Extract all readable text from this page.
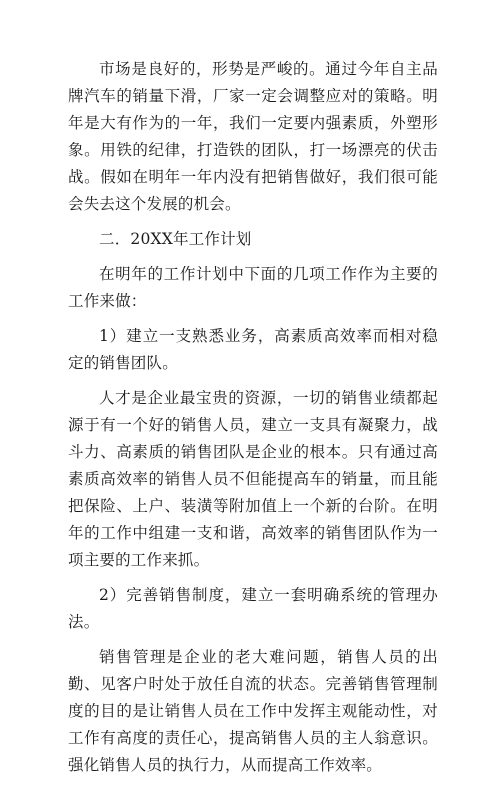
市场是良好的，形势是严峻的。通过今年自主品牌汽车的销量下滑，厂家一定会调整应对的策略。明年是大有作为的一年，我们一定要内强素质，外塑形象。用铁的纪律，打造铁的团队，打一场漂亮的伏击战。假如在明年一年内没有把销售做好，我们很可能会失去这个发展的机会。

二．20XX年工作计划

在明年的工作计划中下面的几项工作作为主要的工作来做：

1）建立一支熟悉业务，高素质高效率而相对稳定的销售团队。

人才是企业最宝贵的资源，一切的销售业绩都起源于有一个好的销售人员，建立一支具有凝聚力，战斗力、高素质的销售团队是企业的根本。只有通过高素质高效率的销售人员不但能提高车的销量，而且能把保险、上户、装潢等附加值上一个新的台阶。在明年的工作中组建一支和谐，高效率的销售团队作为一项主要的工作来抓。

2）完善销售制度，建立一套明确系统的管理办法。

销售管理是企业的老大难问题，销售人员的出勤、见客户时处于放任自流的状态。完善销售管理制度的目的是让销售人员在工作中发挥主观能动性，对工作有高度的责任心，提高销售人员的主人翁意识。强化销售人员的执行力，从而提高工作效率。
